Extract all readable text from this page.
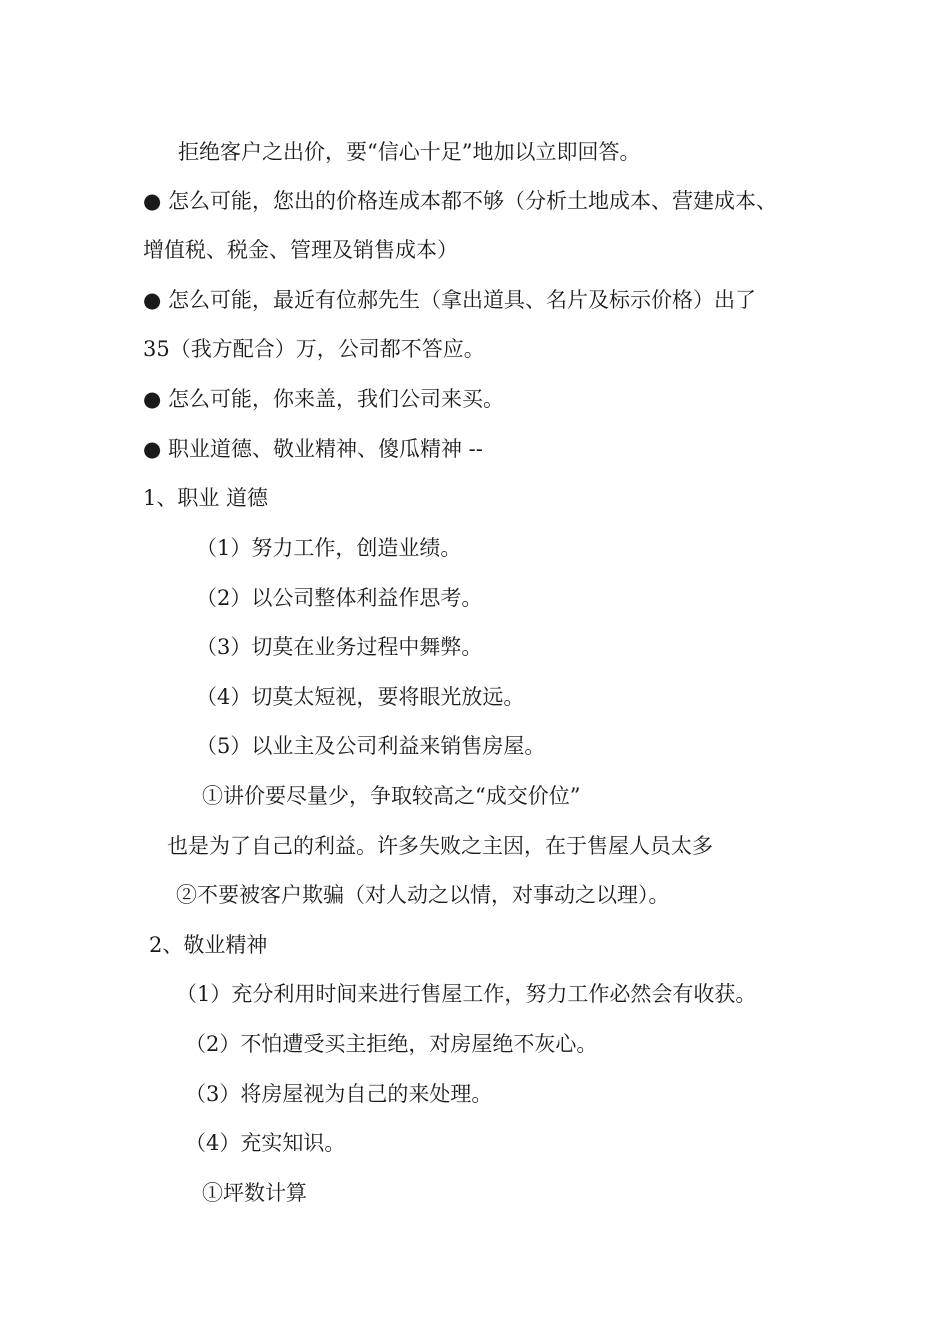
拒绝客户之出价，要“信心十足”地加以立即回答。
● 怎么可能，您出的价格连成本都不够（分析土地成本、营建成本、
增值税、税金、管理及销售成本）
● 怎么可能，最近有位郝先生（拿出道具、名片及标示价格）出了
35（我方配合）万，公司都不答应。
● 怎么可能，你来盖，我们公司来买。
● 职业道德、敬业精神、傻瓜精神 --
1、职业 道德
（1）努力工作，创造业绩。
（2）以公司整体利益作思考。
（3）切莫在业务过程中舞弊。
（4）切莫太短视，要将眼光放远。
（5）以业主及公司利益来销售房屋。
①讲价要尽量少，争取较高之“成交价位”
也是为了自己的利益。许多失败之主因，在于售屋人员太多
②不要被客户欺骗（对人动之以情，对事动之以理）。
2、敬业精神
（1）充分利用时间来进行售屋工作，努力工作必然会有收获。
（2）不怕遭受买主拒绝，对房屋绝不灰心。
（3）将房屋视为自己的来处理。
（4）充实知识。
①坪数计算
